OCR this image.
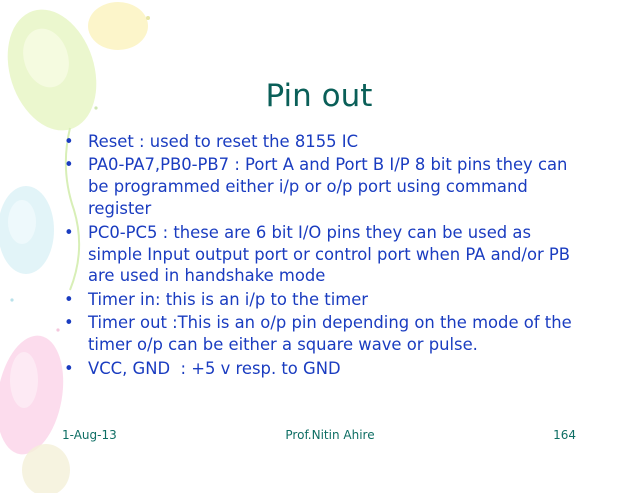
Pin out
• Reset : used to reset the 8155 IC
• PA0-PA7,PB0-PB7 : Port A and Port B I/P 8 bit pins they can be programmed either i/p or o/p port using command register
• PC0-PC5 : these are 6 bit I/O pins they can be used as simple Input output port or control port when PA and/or PB are used in handshake mode
• Timer in: this is an i/p to the timer
• Timer out :This is an o/p pin depending on the mode of the timer o/p can be either a square wave or pulse.
• VCC, GND  : +5 v resp. to GND
1-Aug-13	Prof.Nitin Ahire	164
